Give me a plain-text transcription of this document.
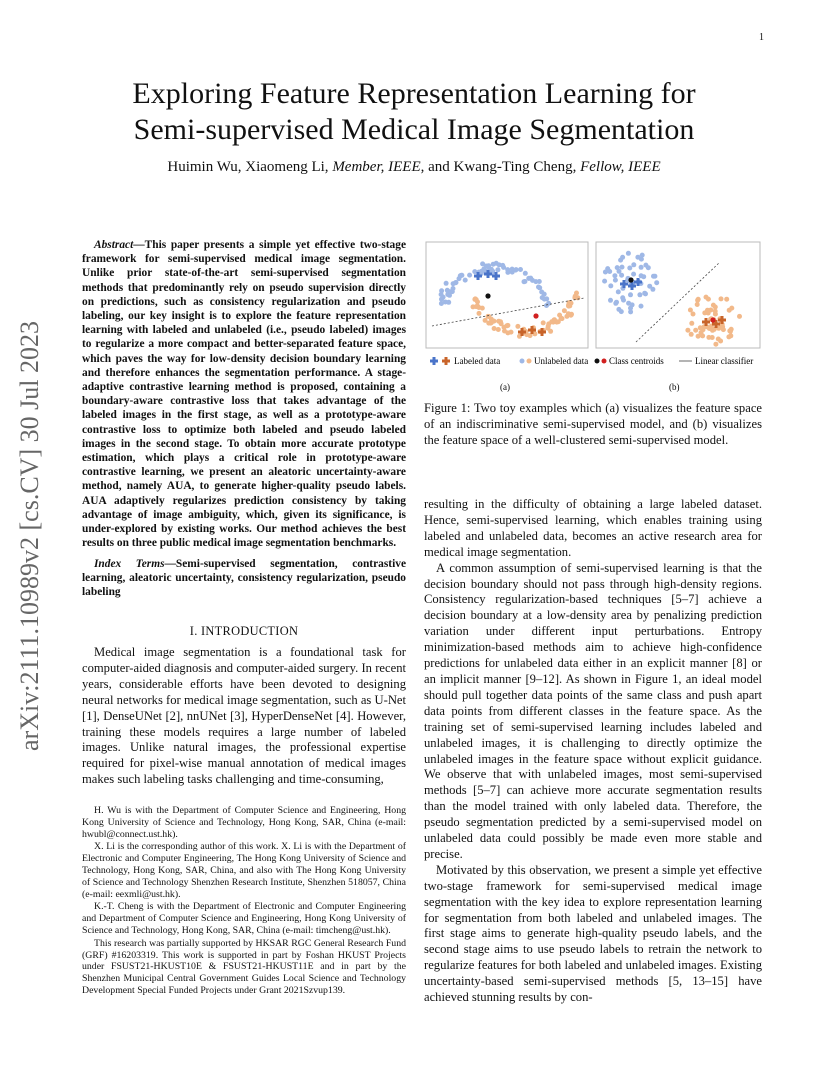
1
arXiv:2111.10989v2 [cs.CV] 30 Jul 2023
Exploring Feature Representation Learning for
Semi-supervised Medical Image Segmentation
Huimin Wu, Xiaomeng Li, Member, IEEE, and Kwang-Ting Cheng, Fellow, IEEE
Abstract—This paper presents a simple yet effective two-stage framework for semi-supervised medical image segmentation. Unlike prior state-of-the-art semi-supervised segmentation methods that predominantly rely on pseudo supervision directly on predictions, such as consistency regularization and pseudo labeling, our key insight is to explore the feature representation learning with labeled and unlabeled (i.e., pseudo labeled) images to regularize a more compact and better-separated feature space, which paves the way for low-density decision boundary learning and therefore enhances the segmentation performance. A stage-adaptive contrastive learning method is proposed, containing a boundary-aware contrastive loss that takes advantage of the labeled images in the first stage, as well as a prototype-aware contrastive loss to optimize both labeled and pseudo labeled images in the second stage. To obtain more accurate prototype estimation, which plays a critical role in prototype-aware contrastive learning, we present an aleatoric uncertainty-aware method, namely AUA, to generate higher-quality pseudo labels. AUA adaptively regularizes prediction consistency by taking advantage of image ambiguity, which, given its significance, is under-explored by existing works. Our method achieves the best results on three public medical image segmentation benchmarks.
Index Terms—Semi-supervised segmentation, contrastive learning, aleatoric uncertainty, consistency regularization, pseudo labeling
I. INTRODUCTION
Medical image segmentation is a foundational task for computer-aided diagnosis and computer-aided surgery. In recent years, considerable efforts have been devoted to designing neural networks for medical image segmentation, such as U-Net [1], DenseUNet [2], nnUNet [3], HyperDenseNet [4]. However, training these models requires a large number of labeled images. Unlike natural images, the professional expertise required for pixel-wise manual annotation of medical images makes such labeling tasks challenging and time-consuming,

H. Wu is with the Department of Computer Science and Engineering, Hong Kong University of Science and Technology, Hong Kong, SAR, China (e-mail: hwubl@connect.ust.hk).

X. Li is the corresponding author of this work. X. Li is with the Department of Electronic and Computer Engineering, The Hong Kong University of Science and Technology, Hong Kong, SAR, China, and also with The Hong Kong University of Science and Technology Shenzhen Research Institute, Shenzhen 518057, China (e-mail: eexmli@ust.hk).

K.-T. Cheng is with the Department of Electronic and Computer Engineering and Department of Computer Science and Engineering, Hong Kong University of Science and Technology, Hong Kong, SAR, China (e-mail: timcheng@ust.hk).

This research was partially supported by HKSAR RGC General Research Fund (GRF) #16203319. This work is supported in part by Foshan HKUST Projects under FSUST21-HKUST10E & FSUST21-HKUST11E and in part by the Shenzhen Municipal Central Government Guides Local Science and Technology Development Special Funded Projects under Grant 2021Szvup139.

Labeled data	Unlabeled data Class centroids	Linear classifier
(a)	(b)
Figure 1: Two toy examples which (a) visualizes the feature space of an indiscriminative semi-supervised model, and (b) visualizes the feature space of a well-clustered semi-supervised model.

resulting in the difficulty of obtaining a large labeled dataset. Hence, semi-supervised learning, which enables training using labeled and unlabeled data, becomes an active research area for medical image segmentation.

A common assumption of semi-supervised learning is that the decision boundary should not pass through high-density regions. Consistency regularization-based techniques [5–7] achieve a decision boundary at a low-density area by penalizing prediction variation under different input perturbations. Entropy minimization-based methods aim to achieve high-confidence predictions for unlabeled data either in an explicit manner [8] or an implicit manner [9–12]. As shown in Figure 1, an ideal model should pull together data points of the same class and push apart data points from different classes in the feature space. As the training set of semi-supervised learning includes labeled and unlabeled images, it is challenging to directly optimize the unlabeled images in the feature space without explicit guidance. We observe that with unlabeled images, most semi-supervised methods [5–7] can achieve more accurate segmentation results than the model trained with only labeled data. Therefore, the pseudo segmentation predicted by a semi-supervised model on unlabeled data could possibly be made even more stable and precise.

Motivated by this observation, we present a simple yet effective two-stage framework for semi-supervised medical image segmentation with the key idea to explore representation learning for segmentation from both labeled and unlabeled images. The first stage aims to generate high-quality pseudo labels, and the second stage aims to use pseudo labels to retrain the network to regularize features for both labeled and unlabeled images. Existing uncertainty-based semi-supervised methods [5, 13–15] have achieved stunning results by con-
